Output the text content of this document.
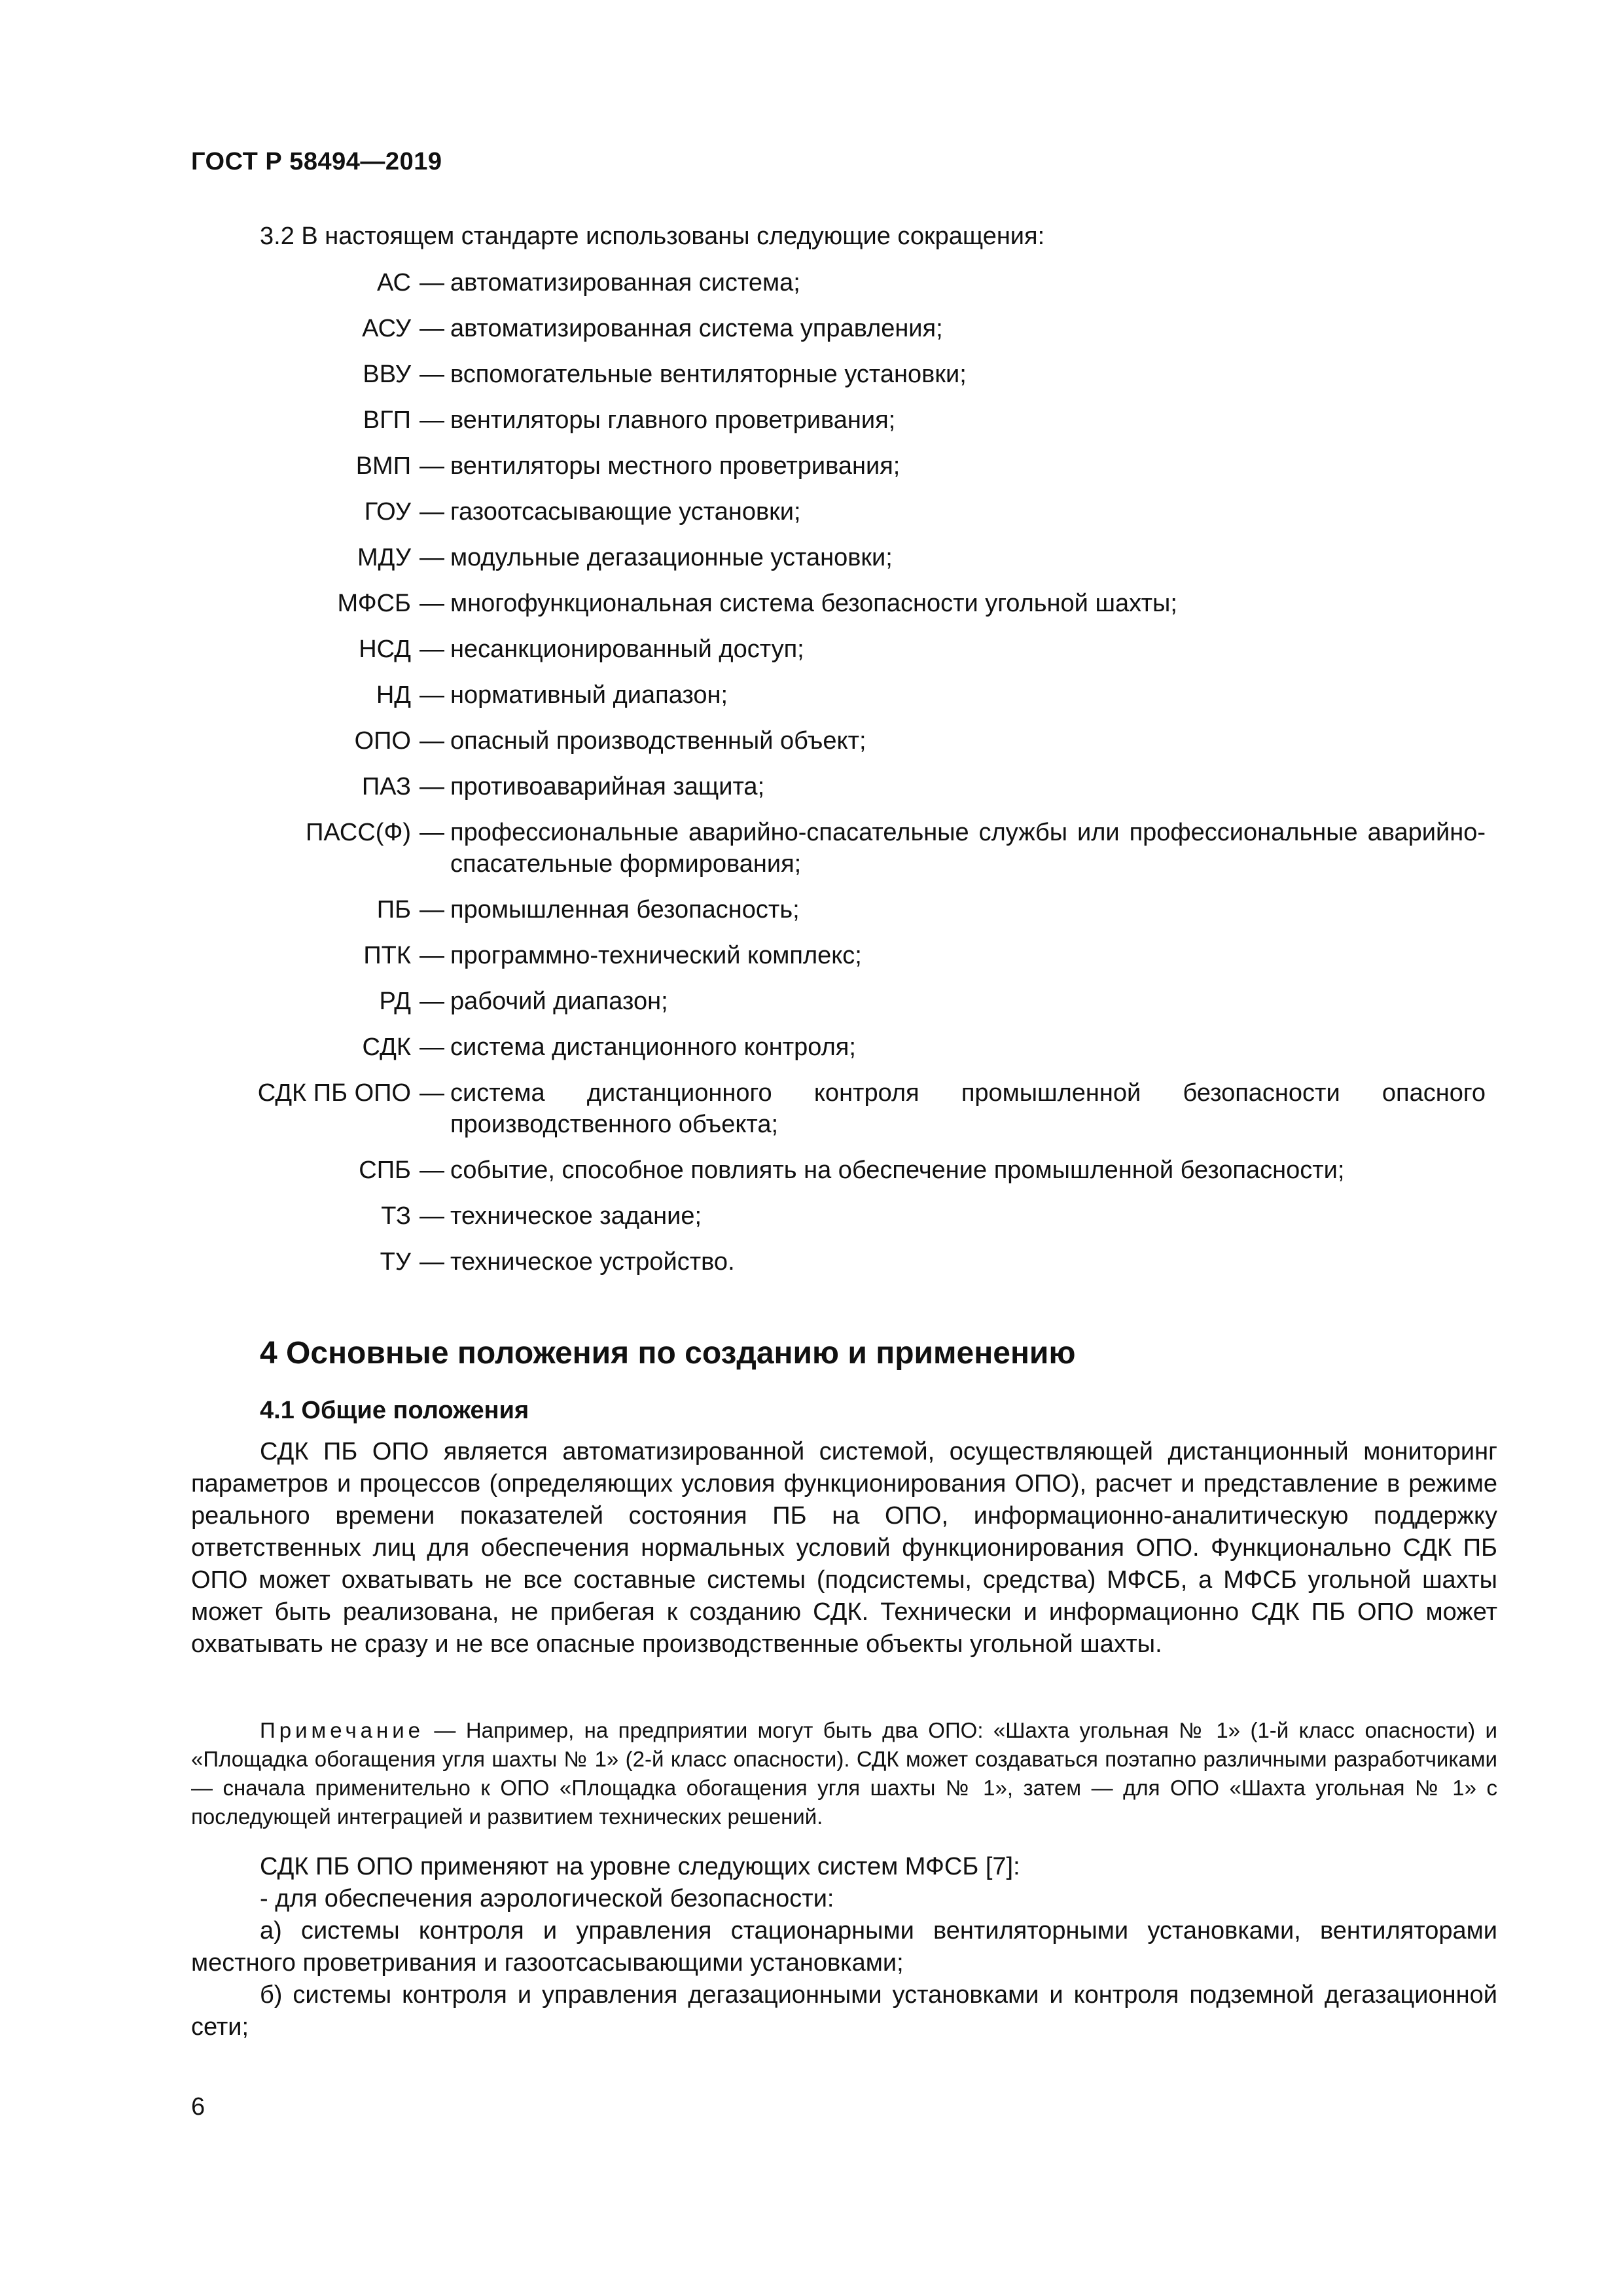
ГОСТ Р 58494—2019
3.2 В настоящем стандарте использованы следующие сокращения:
АС — автоматизированная система;
АСУ — автоматизированная система управления;
ВВУ — вспомогательные вентиляторные установки;
ВГП — вентиляторы главного проветривания;
ВМП — вентиляторы местного проветривания;
ГОУ — газоотсасывающие установки;
МДУ — модульные дегазационные установки;
МФСБ — многофункциональная система безопасности угольной шахты;
НСД — несанкционированный доступ;
НД — нормативный диапазон;
ОПО — опасный производственный объект;
ПАЗ — противоаварийная защита;
ПАСС(Ф) — профессиональные аварийно-спасательные службы или профессиональные аварийно-спасательные формирования;
ПБ — промышленная безопасность;
ПТК — программно-технический комплекс;
РД — рабочий диапазон;
СДК — система дистанционного контроля;
СДК ПБ ОПО — система дистанционного контроля промышленной безопасности опасного производственного объекта;
СПБ — событие, способное повлиять на обеспечение промышленной безопасности;
ТЗ — техническое задание;
ТУ — техническое устройство.
4 Основные положения по созданию и применению
4.1 Общие положения
СДК ПБ ОПО является автоматизированной системой, осуществляющей дистанционный мониторинг параметров и процессов (определяющих условия функционирования ОПО), расчет и представление в режиме реального времени показателей состояния ПБ на ОПО, информационно-аналитическую поддержку ответственных лиц для обеспечения нормальных условий функционирования ОПО. Функционально СДК ПБ ОПО может охватывать не все составные системы (подсистемы, средства) МФСБ, а МФСБ угольной шахты может быть реализована, не прибегая к созданию СДК. Технически и информационно СДК ПБ ОПО может охватывать не сразу и не все опасные производственные объекты угольной шахты.
Примечание — Например, на предприятии могут быть два ОПО: «Шахта угольная № 1» (1-й класс опасности) и «Площадка обогащения угля шахты № 1» (2-й класс опасности). СДК может создаваться поэтапно различными разработчиками — сначала применительно к ОПО «Площадка обогащения угля шахты № 1», затем — для ОПО «Шахта угольная № 1» с последующей интеграцией и развитием технических решений.
СДК ПБ ОПО применяют на уровне следующих систем МФСБ [7]:
- для обеспечения аэрологической безопасности:
а) системы контроля и управления стационарными вентиляторными установками, вентиляторами местного проветривания и газоотсасывающими установками;
б) системы контроля и управления дегазационными установками и контроля подземной дегазационной сети;
6
